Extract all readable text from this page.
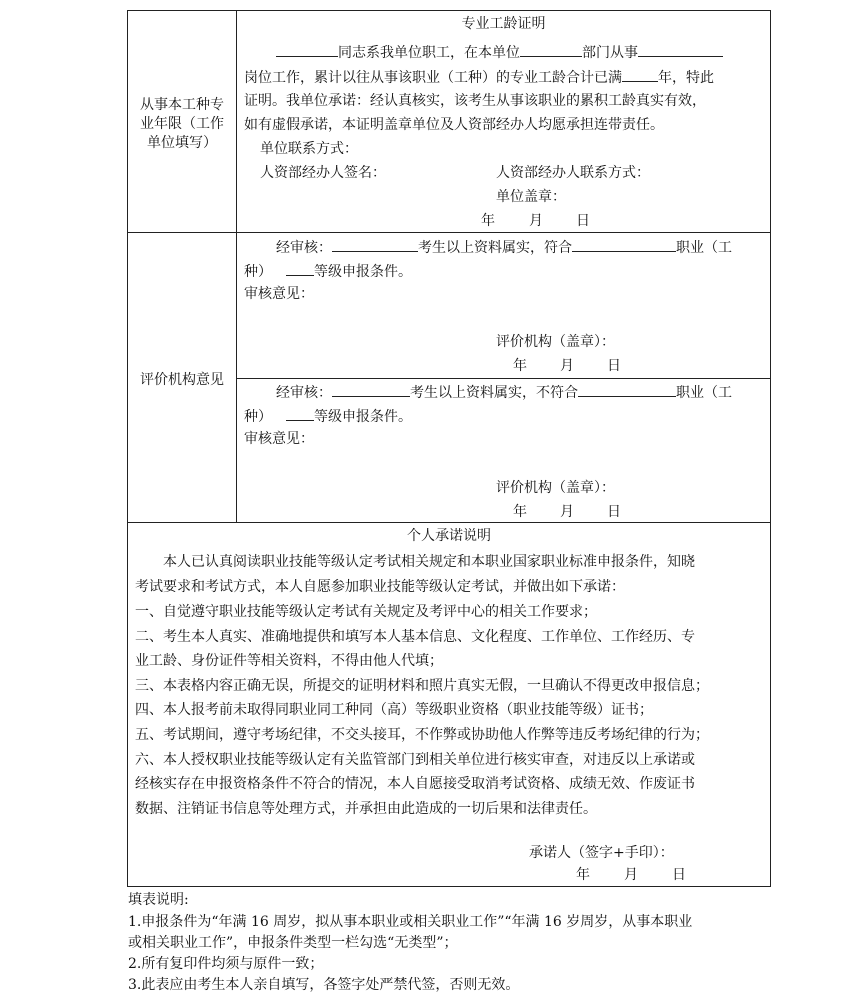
从事本工种专
业年限（工作
单位填写）
专业工龄证明
同志系我单位职工，在本单位	部门从事
岗位工作，累计以往从事该职业（工种）的专业工龄合计已满	年，特此
证明。我单位承诺：经认真核实，该考生从事该职业的累积工龄真实有效，
如有虚假承诺，本证明盖章单位及人资部经办人均愿承担连带责任。
单位联系方式：
人资部经办人签名：	人资部经办人联系方式：
单位盖章：
年 月 日
评价机构意见
经审核：	考生以上资料属实，符合	职业（工
种）	等级申报条件。
审核意见：
评价机构（盖章）：
年 月 日
经审核：	考生以上资料属实，不符合	职业（工
种）	等级申报条件。
审核意见：
评价机构（盖章）：
年 月 日
个人承诺说明
本人已认真阅读职业技能等级认定考试相关规定和本职业国家职业标准申报条件，知晓
考试要求和考试方式，本人自愿参加职业技能等级认定考试，并做出如下承诺：
一、自觉遵守职业技能等级认定考试有关规定及考评中心的相关工作要求；
二、考生本人真实、准确地提供和填写本人基本信息、文化程度、工作单位、工作经历、专
业工龄、身份证件等相关资料，不得由他人代填；
三、本表格内容正确无误，所提交的证明材料和照片真实无假，一旦确认不得更改申报信息；
四、本人报考前未取得同职业同工种同（高）等级职业资格（职业技能等级）证书；
五、考试期间，遵守考场纪律，不交头接耳，不作弊或协助他人作弊等违反考场纪律的行为；
六、本人授权职业技能等级认定有关监管部门到相关单位进行核实审查，对违反以上承诺或
经核实存在申报资格条件不符合的情况，本人自愿接受取消考试资格、成绩无效、作废证书
数据、注销证书信息等处理方式，并承担由此造成的一切后果和法律责任。
承诺人（签字+手印）：
年 月 日
填表说明:
1.申报条件为“年满 16 周岁，拟从事本职业或相关职业工作”“年满 16 岁周岁，从事本职业
或相关职业工作”，申报条件类型一栏勾选“无类型”；
2.所有复印件均须与原件一致；
3.此表应由考生本人亲自填写，各签字处严禁代签，否则无效。
